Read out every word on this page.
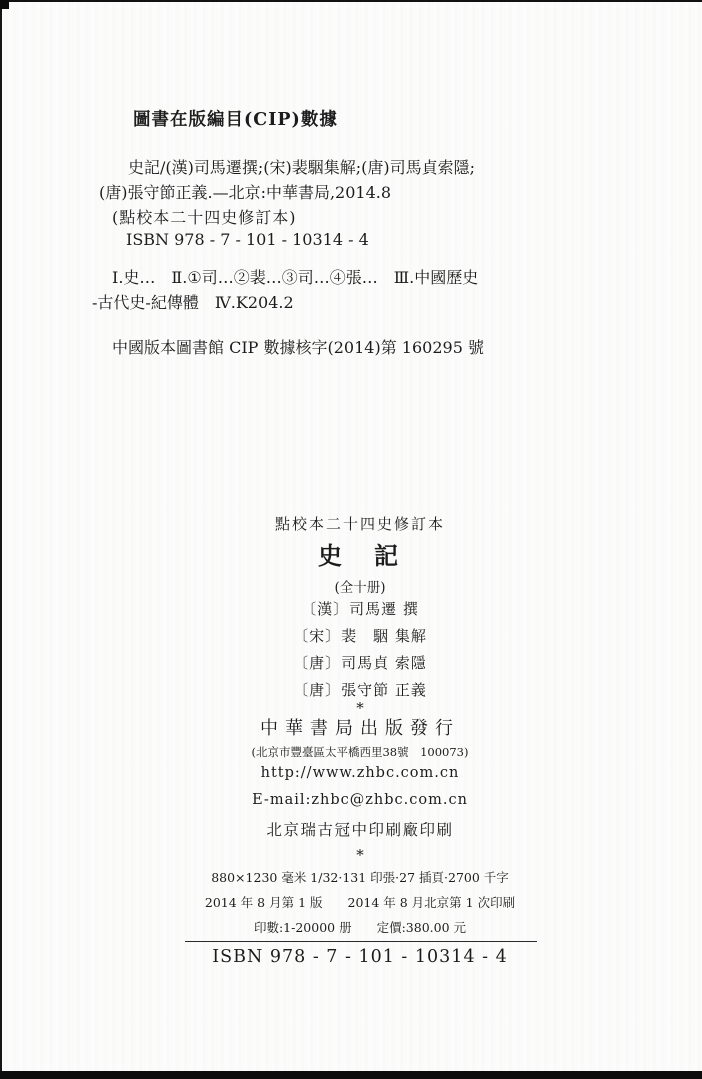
圖書在版編目(CIP)數據
史記/(漢)司馬遷撰;(宋)裴駰集解;(唐)司馬貞索隱;
(唐)張守節正義.—北京:中華書局,2014.8
(點校本二十四史修訂本)
ISBN 978 - 7 - 101 - 10314 - 4
Ⅰ.史…　Ⅱ.①司…②裴…③司…④張…　Ⅲ.中國歷史
-古代史-紀傳體　Ⅳ.K204.2
中國版本圖書館 CIP 數據核字(2014)第 160295 號
點校本二十四史修訂本
史　記
(全十册)
〔漢〕司馬遷 撰
〔宋〕裴　駰 集解
〔唐〕司馬貞 索隱
〔唐〕張守節 正義
*
中華書局出版發行
(北京市豐臺區太平橋西里38號　100073)
http://www.zhbc.com.cn
E-mail:zhbc@zhbc.com.cn
北京瑞古冠中印刷廠印刷
*
880×1230 毫米 1/32·131 印張·27 插頁·2700 千字
2014 年 8 月第 1 版　　2014 年 8 月北京第 1 次印刷
印數:1-20000 册　　定價:380.00 元
ISBN 978 - 7 - 101 - 10314 - 4
